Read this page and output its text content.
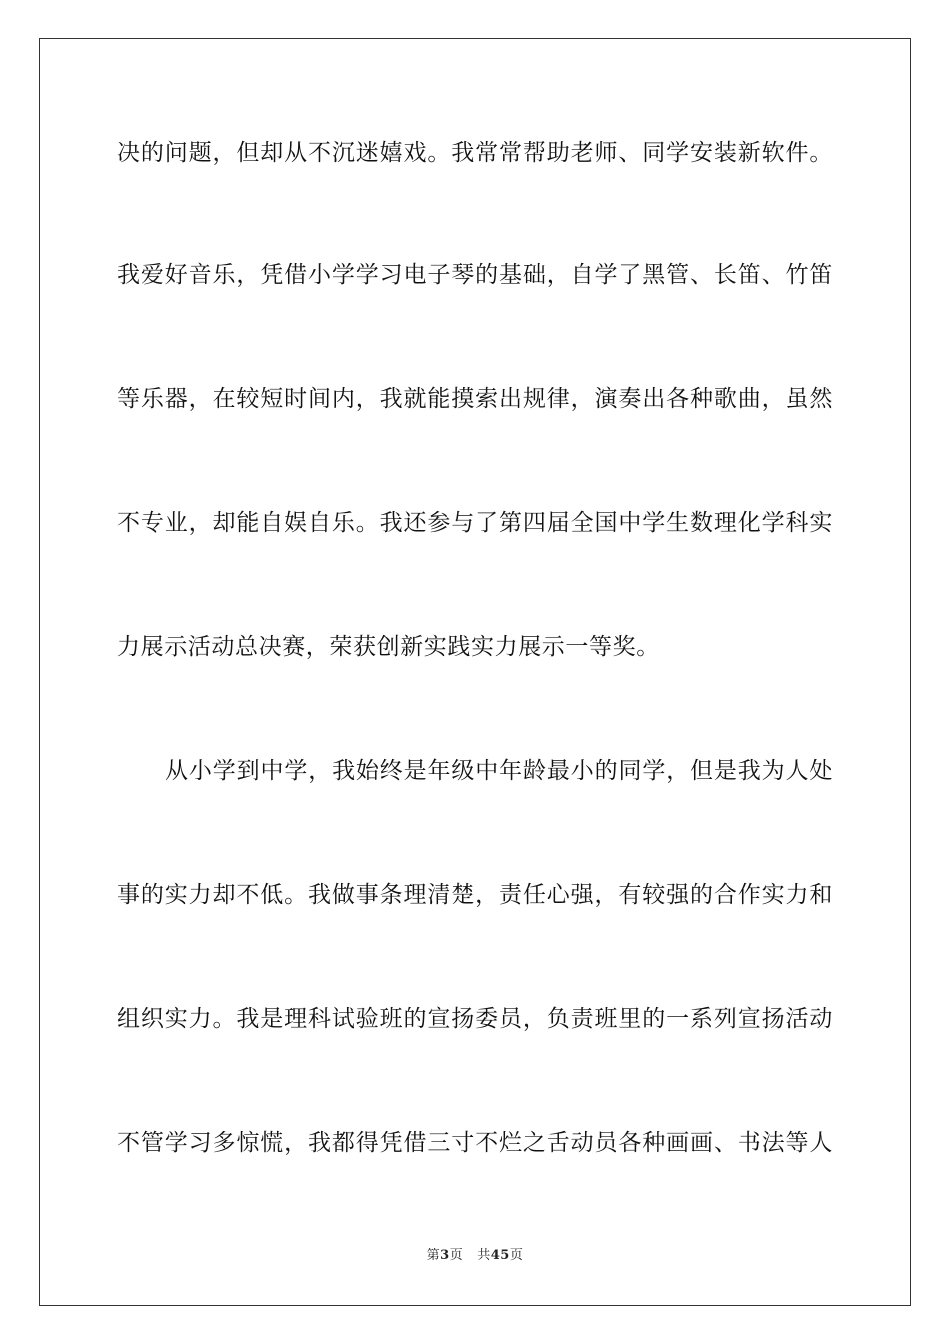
决的问题，但却从不沉迷嬉戏。我常常帮助老师、同学安装新软件。
我爱好音乐，凭借小学学习电子琴的基础，自学了黑管、长笛、竹笛
等乐器，在较短时间内，我就能摸索出规律，演奏出各种歌曲，虽然
不专业，却能自娱自乐。我还参与了第四届全国中学生数理化学科实
力展示活动总决赛，荣获创新实践实力展示一等奖。
从小学到中学，我始终是年级中年龄最小的同学，但是我为人处
事的实力却不低。我做事条理清楚，责任心强，有较强的合作实力和
组织实力。我是理科试验班的宣扬委员，负责班里的一系列宣扬活动
不管学习多惊慌，我都得凭借三寸不烂之舌动员各种画画、书法等人
第3页 共45页
